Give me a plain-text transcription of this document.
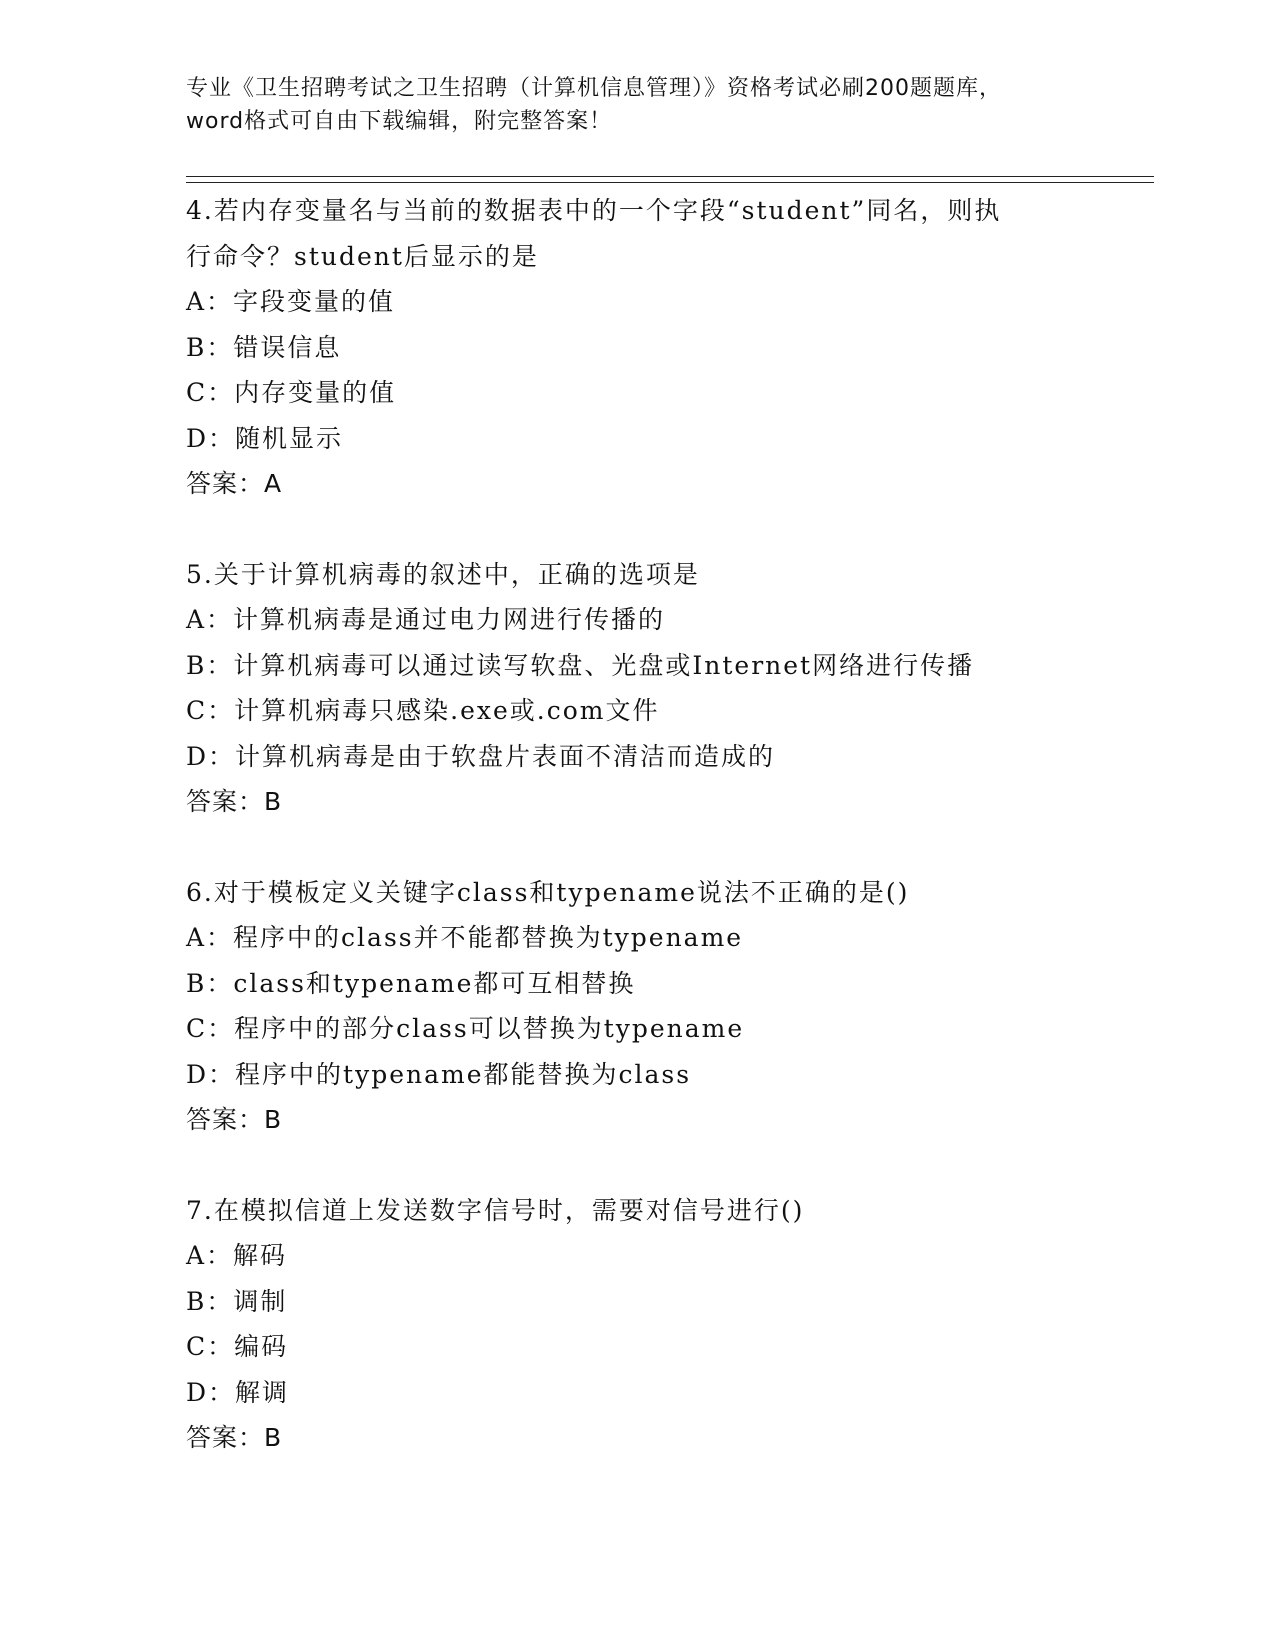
专业《卫生招聘考试之卫生招聘（计算机信息管理）》资格考试必刷200题题库，
word格式可自由下载编辑，附完整答案！
4.若内存变量名与当前的数据表中的一个字段“student”同名，则执
行命令？student后显示的是
A：字段变量的值
B：错误信息
C：内存变量的值
D：随机显示
答案：A
5.关于计算机病毒的叙述中，正确的选项是
A：计算机病毒是通过电力网进行传播的
B：计算机病毒可以通过读写软盘、光盘或Internet网络进行传播
C：计算机病毒只感染.exe或.com文件
D：计算机病毒是由于软盘片表面不清洁而造成的
答案：B
6.对于模板定义关键字class和typename说法不正确的是()
A：程序中的class并不能都替换为typename
B：class和typename都可互相替换
C：程序中的部分class可以替换为typename
D：程序中的typename都能替换为class
答案：B
7.在模拟信道上发送数字信号时，需要对信号进行()
A：解码
B：调制
C：编码
D：解调
答案：B
